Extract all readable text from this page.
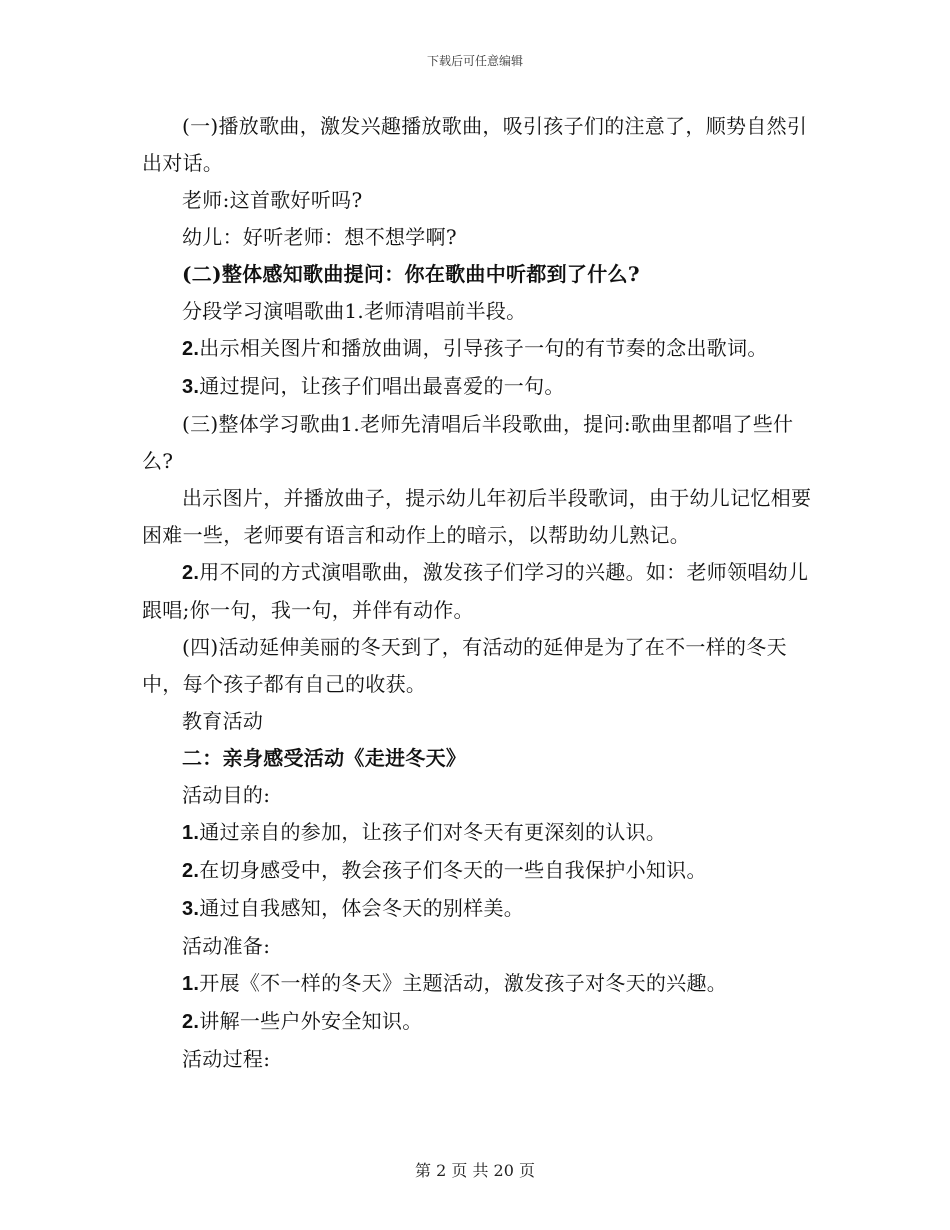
下载后可任意编辑

(一)播放歌曲，激发兴趣播放歌曲，吸引孩子们的注意了，顺势自然引出对话。

老师:这首歌好听吗?

幼儿：好听老师：想不想学啊?

(二)整体感知歌曲提问：你在歌曲中听都到了什么?

分段学习演唱歌曲1.老师清唱前半段。

2.出示相关图片和播放曲调，引导孩子一句的有节奏的念出歌词。

3.通过提问，让孩子们唱出最喜爱的一句。

(三)整体学习歌曲1.老师先清唱后半段歌曲，提问:歌曲里都唱了些什么?

出示图片，并播放曲子，提示幼儿年初后半段歌词，由于幼儿记忆相要困难一些，老师要有语言和动作上的暗示，以帮助幼儿熟记。

2.用不同的方式演唱歌曲，激发孩子们学习的兴趣。如：老师领唱幼儿跟唱;你一句，我一句，并伴有动作。

(四)活动延伸美丽的冬天到了，有活动的延伸是为了在不一样的冬天中，每个孩子都有自己的收获。

教育活动

二：亲身感受活动《走进冬天》

活动目的:

1.通过亲自的参加，让孩子们对冬天有更深刻的认识。

2.在切身感受中，教会孩子们冬天的一些自我保护小知识。

3.通过自我感知，体会冬天的别样美。

活动准备:

1.开展《不一样的冬天》主题活动，激发孩子对冬天的兴趣。

2.讲解一些户外安全知识。

活动过程:

第 2 页 共 20 页
